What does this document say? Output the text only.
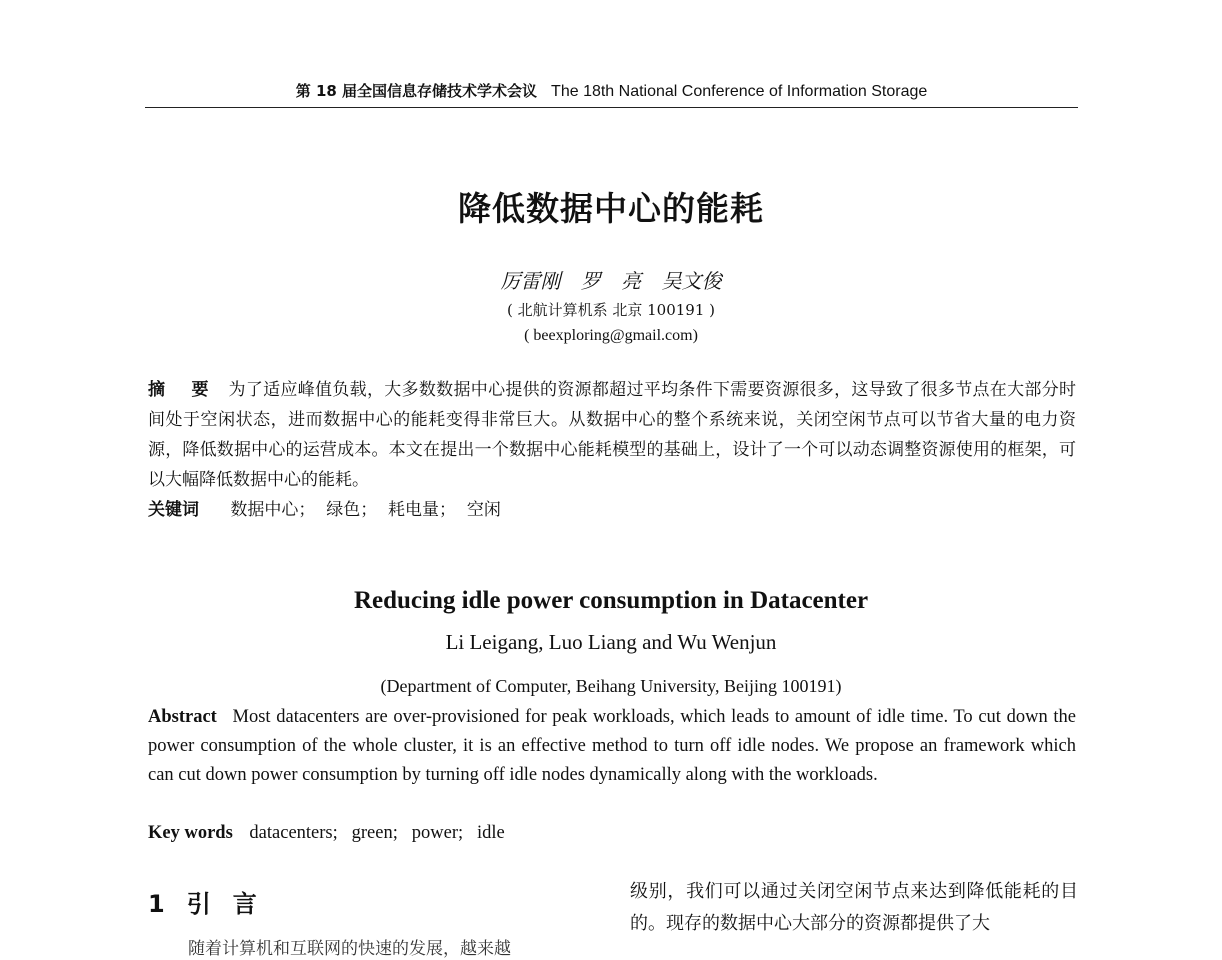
第 18 届全国信息存储技术学术会议 The 18th National Conference of Information Storage
降低数据中心的能耗
厉雷刚 罗 亮 吴文俊
( 北航计算机系 北京 100191 )
( beexploring@gmail.com)
摘 要 为了适应峰值负载，大多数数据中心提供的资源都超过平均条件下需要资源很多，这导致了很多节点在大部分时间处于空闲状态，进而数据中心的能耗变得非常巨大。从数据中心的整个系统来说，关闭空闲节点可以节省大量的电力资源，降低数据中心的运营成本。本文在提出一个数据中心能耗模型的基础上，设计了一个可以动态调整资源使用的框架，可以大幅降低数据中心的能耗。
关键词 数据中心 ；  绿色 ；  耗电量 ；  空闲
Reducing idle power consumption in Datacenter
Li Leigang, Luo Liang and Wu Wenjun
(Department of Computer, Beihang University, Beijing 100191)
Abstract Most datacenters are over-provisioned for peak workloads, which leads to amount of idle time. To cut down the power consumption of the whole cluster, it is an effective method to turn off idle nodes. We propose an framework which can cut down power consumption by turning off idle nodes dynamically along with the workloads.
Key words datacenters ;   green ;   power ;   idle
1 引言
随着计算机和互联网的快速的发展，越来越
级别，我们可以通过关闭空闲节点来达到降低能耗的目的。现存的数据中心大部分的资源都提供了大
